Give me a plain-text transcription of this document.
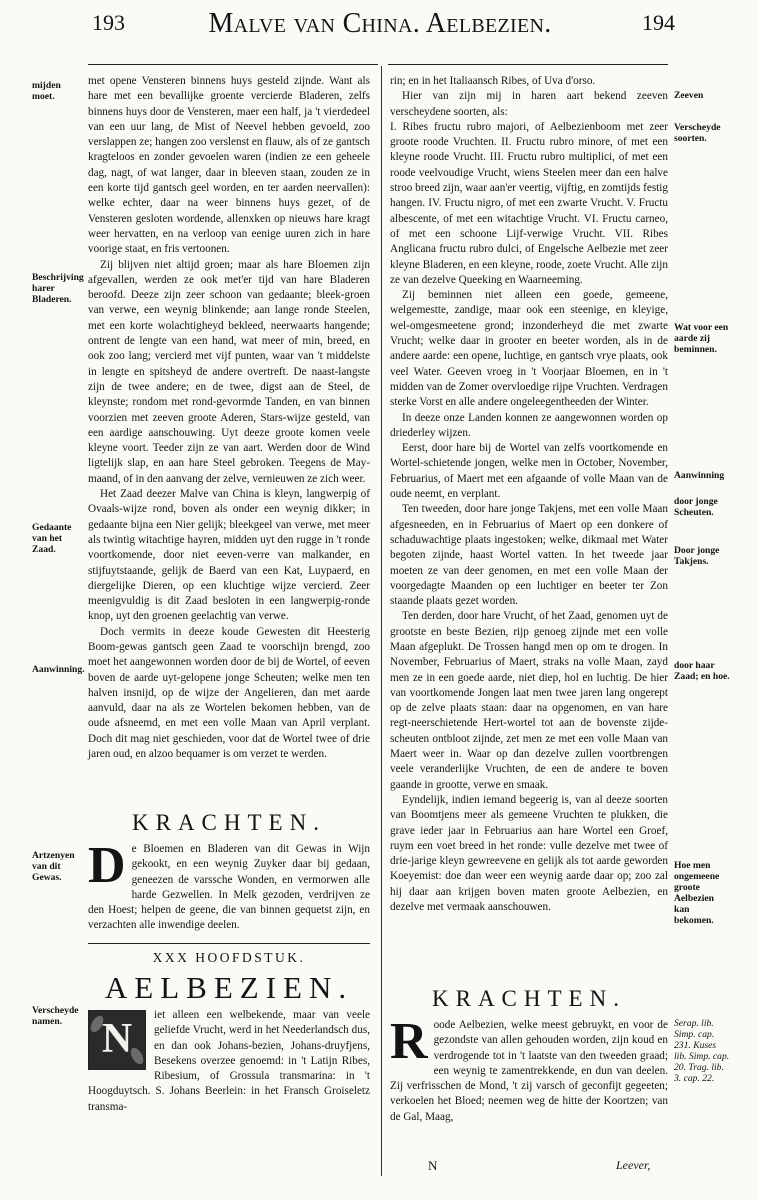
193	Malve van China. Aelbezien.	194
mijden moet.
Beschrijving harer Bladeren.
Gedaante van het Zaad.
Aanwinning.
Artzenyen van dit Gewas.
Verscheyde namen.

met opene Vensteren binnens huys gesteld zijnde. Want als hare met een bevallijke groente vercierde Bladeren, zelfs binnens huys door de Vensteren, maer een half, ja 't vierdedeel van een uur lang, de Mist of Neevel hebben gevoeld, zoo verslappen ze; hangen zoo verslenst en flauw, als of ze gantsch kragteloos en zonder gevoelen waren (indien ze een geheele dag, nagt, of wat langer, daar in bleeven staan, zouden ze in een korte tijd gantsch geel worden, en ter aarden neervallen): welke echter, daar na weer binnens huys gezet, of de Vensteren gesloten wordende, allenxken op nieuws hare kragt weer hervatten, en na verloop van eenige uuren zich in hare voorige staat, en fris vertoonen.

Zij blijven niet altijd groen; maar als hare Bloemen zijn afgevallen, werden ze ook met'er tijd van hare Bladeren beroofd. Deeze zijn zeer schoon van gedaante; bleek-groen van verwe, een weynig blinkende; aan lange ronde Steelen, met een korte wolachtigheyd bekleed, neerwaarts hangende; ontrent de lengte van een hand, wat meer of min, breed, en ook zoo lang; vercierd met vijf punten, waar van 't middelste in lengte en spitsheyd de andere overtreft. De naast-langste zijn de twee andere; en de twee, digst aan de Steel, de kleynste; rondom met rond-gevormde Tanden, en van binnen voorzien met zeeven groote Aderen, Stars-wijze gesteld, van een aardige aanschouwing. Uyt deeze groote komen veele kleyne voort. Teeder zijn ze van aart. Werden door de Wind ligtelijk slap, en aan hare Steel gebroken. Teegens de May-maand, of in den aanvang der zelve, vernieuwen ze zich weer.

Het Zaad deezer Malve van China is kleyn, langwerpig of Ovaals-wijze rond, boven als onder een weynig dikker; in gedaante bijna een Nier gelijk; bleekgeel van verwe, met meer als twintig witachtige hayren, midden uyt den rugge in 't ronde voortkomende, door niet eeven-verre van malkander, en stijfuytstaande, gelijk de Baerd van een Kat, Luypaerd, en diergelijke Dieren, op een kluchtige wijze vercierd. Zeer meenigvuldig is dit Zaad besloten in een langwerpig-ronde knop, uyt den groenen geelachtig van verwe.

Doch vermits in deeze koude Gewesten dit Heesterig Boom-gewas gantsch geen Zaad te voorschijn brengd, zoo moet het aangewonnen worden door de bij de Wortel, of eeven boven de aarde uyt-gelopene jonge Scheuten; welke men ten halven insnijd, op de wijze der Angelieren, dan met aarde aanvuld, daar na als ze Wortelen bekomen hebben, van de oude afsneemd, en met een volle Maan van April verplant. Doch dit mag niet geschieden, voor dat de Wortel twee of drie jaren oud, en alzoo bequamer is om verzet te werden.

KRACHTEN.
D e Bloemen en Bladeren van dit Gewas in Wijn gekookt, en een weynig Zuyker daar bij gedaan, geneezen de varssche Wonden, en vermorwen alle harde Gezwellen. In Melk gezoden, verdrijven ze den Hoest; helpen de geene, die van binnen gequetst zijn, en verzachten alle inwendige deelen.
XXX HOOFDSTUK.
AELBEZIEN.
N
iet alleen een welbekende, maar van veele geliefde Vrucht, werd in het Neederlandsch dus, en dan ook Johans-bezien, Johans-druyfjens, Besekens overzee genoemd: in 't Latijn Ribes, Ribesium, of Grossula transmarina: in 't Hoogduytsch. S. Johans Beerlein: in het Fransch Groiseletz transma-

rin; en in het Italiaansch Ribes, of Uva d'orso.

Hier van zijn mij in haren aart bekend zeeven verscheydene soorten, als:

I. Ribes fructu rubro majori, of Aelbezienboom met zeer groote roode Vruchten. II. Fructu rubro minore, of met een kleyne roode Vrucht. III. Fructu rubro multiplici, of met een roode veelvoudige Vrucht, wiens Steelen meer dan een halve stroo breed zijn, waar aan'er veertig, vijftig, en zomtijds festig hangen. IV. Fructu nigro, of met een zwarte Vrucht. V. Fructu albescente, of met een witachtige Vrucht. VI. Fructu carneo, of met een schoone Lijf-verwige Vrucht. VII. Ribes Anglicana fructu rubro dulci, of Engelsche Aelbezie met zeer kleyne Bladeren, en een kleyne, roode, zoete Vrucht. Alle zijn ze van dezelve Queeking en Waarneeming.

Zij beminnen niet alleen een goede, gemeene, welgemestte, zandige, maar ook een steenige, en kleyige, wel-omgesmeetene grond; inzonderheyd die met zwarte Vrucht; welke daar in grooter en beeter worden, als in de andere aarde: een opene, luchtige, en gantsch vrye plaats, ook veel Water. Geeven vroeg in 't Voorjaar Bloemen, en in 't midden van de Zomer overvloedige rijpe Vruchten. Verdragen sterke Vorst en alle andere ongeleegentheeden der Winter.

In deeze onze Landen konnen ze aangewonnen worden op driederley wijzen.

Eerst, door hare bij de Wortel van zelfs voortkomende en Wortel-schietende jongen, welke men in October, November, Februarius, of Maert met een afgaande of volle Maan van de oude neemt, en verplant.

Ten tweeden, door hare jonge Takjens, met een volle Maan afgesneeden, en in Februarius of Maert op een donkere of schaduwachtige plaats ingestoken; welke, dikmaal met Water begoten zijnde, haast Wortel vatten. In het tweede jaar moeten ze van deer genomen, en met een volle Maan der voorgedagte Maanden op een luchtiger en beeter ter Zon staande plaats gezet worden.

Ten derden, door hare Vrucht, of het Zaad, genomen uyt de grootste en beste Bezien, rijp genoeg zijnde met een volle Maan afgeplukt. De Trossen hangd men op om te drogen. In November, Februarius of Maert, straks na volle Maan, zayd men ze in een goede aarde, niet diep, hol en luchtig. De hier van voortkomende Jongen laat men twee jaren lang ongerept op de zelve plaats staan: daar na opgenomen, en van hare regt-neerschietende Hert-wortel tot aan de bovenste zijde-scheuten ontbloot zijnde, zet men ze met een volle Maan van Maert weer in. Waar op dan dezelve zullen voortbrengen veele veranderlijke Vruchten, de een de andere te boven gaande in grootte, verwe en smaak.

Eyndelijk, indien iemand begeerig is, van al deeze soorten van Boomtjens meer als gemeene Vruchten te plukken, die grave ieder jaar in Februarius aan hare Wortel een Groef, ruym een voet breed in het ronde: vulle dezelve met twee of drie-jarige kleyn gewreevene en gelijk als tot aarde geworden Koeyemist: doe dan weer een weynig aarde daar op; zoo zal hij daar aan krijgen boven maten groote Aelbezien, en dezelve met vermaak aanschouwen.

Zeeven
Verscheyde soorten.
Wat voor een aarde zij beminnen.
Aanwinning
door jonge Scheuten.
Door jonge Takjens.
door haar Zaad; en hoe.
Hoe men ongemeene groote Aelbezien kan bekomen.
KRACHTEN.
R oode Aelbezien, welke meest gebruykt, en voor de gezondste van allen gehouden worden, zijn koud en verdrogende tot in 't laatste van den tweeden graad; een weynig te zamentrekkende, en dun van deelen. Zij verfrisschen de Mond, 't zij varsch of geconfijt gegeeten; verkoelen het Bloed; neemen weg de hitte der Koortzen; van de Gal, Maag,
Serap. lib. Simp. cap. 231. Kuses lib. Simp. cap. 20. Trag. lib. 3. cap. 22.
N	Leever,
